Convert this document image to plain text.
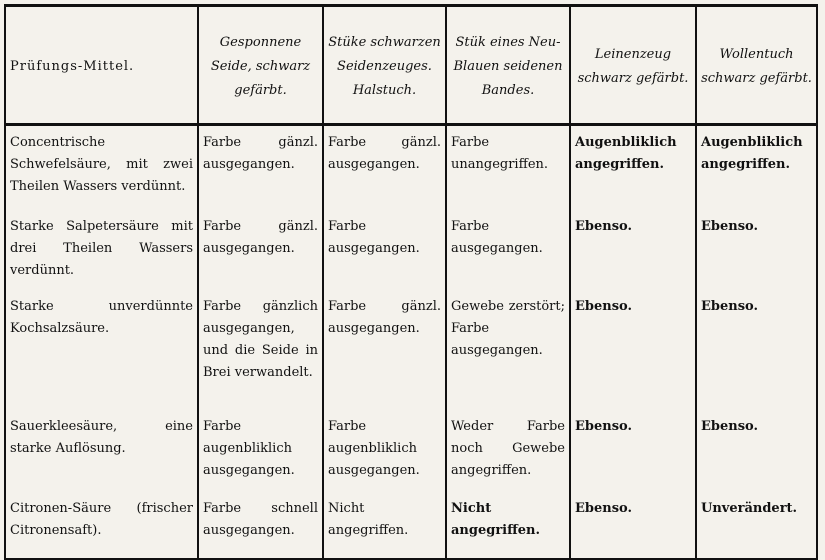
Prüfungs-Mittel.	Gesponnene Seide, schwarz gefärbt.	Stüke schwarzen Seidenzeuges. Halstuch.	Stük eines Neu-Blauen seidenen Bandes.	Leinenzeug schwarz gefärbt.	Wollentuch schwarz gefärbt.
Concentrische Schwefelsäure, mit zwei Theilen Wassers verdünnt.	Farbe gänzl. ausgegangen.	Farbe gänzl. ausgegangen.	Farbe unangegriffen.	Augenbliklich angegriffen.	Augenbliklich angegriffen.
Starke Salpetersäure mit drei Theilen Wassers verdünnt.	Farbe gänzl. ausgegangen.	Farbe ausgegangen.	Farbe ausgegangen.	Ebenso.	Ebenso.
Starke unverdünnte Kochsalzsäure.	Farbe gänzlich ausgegangen, und die Seide in Brei verwandelt.	Farbe gänzl. ausgegangen.	Gewebe zerstört; Farbe ausgegangen.	Ebenso.	Ebenso.
Sauerkleesäure, eine starke Auflösung.	Farbe augenbliklich ausgegangen.	Farbe augenbliklich ausgegangen.	Weder Farbe noch Gewebe angegriffen.	Ebenso.	Ebenso.
Citronen-Säure (frischer Citronensaft).	Farbe schnell ausgegangen.	Nicht angegriffen.	Nicht angegriffen.	Ebenso.	Unverändert.
